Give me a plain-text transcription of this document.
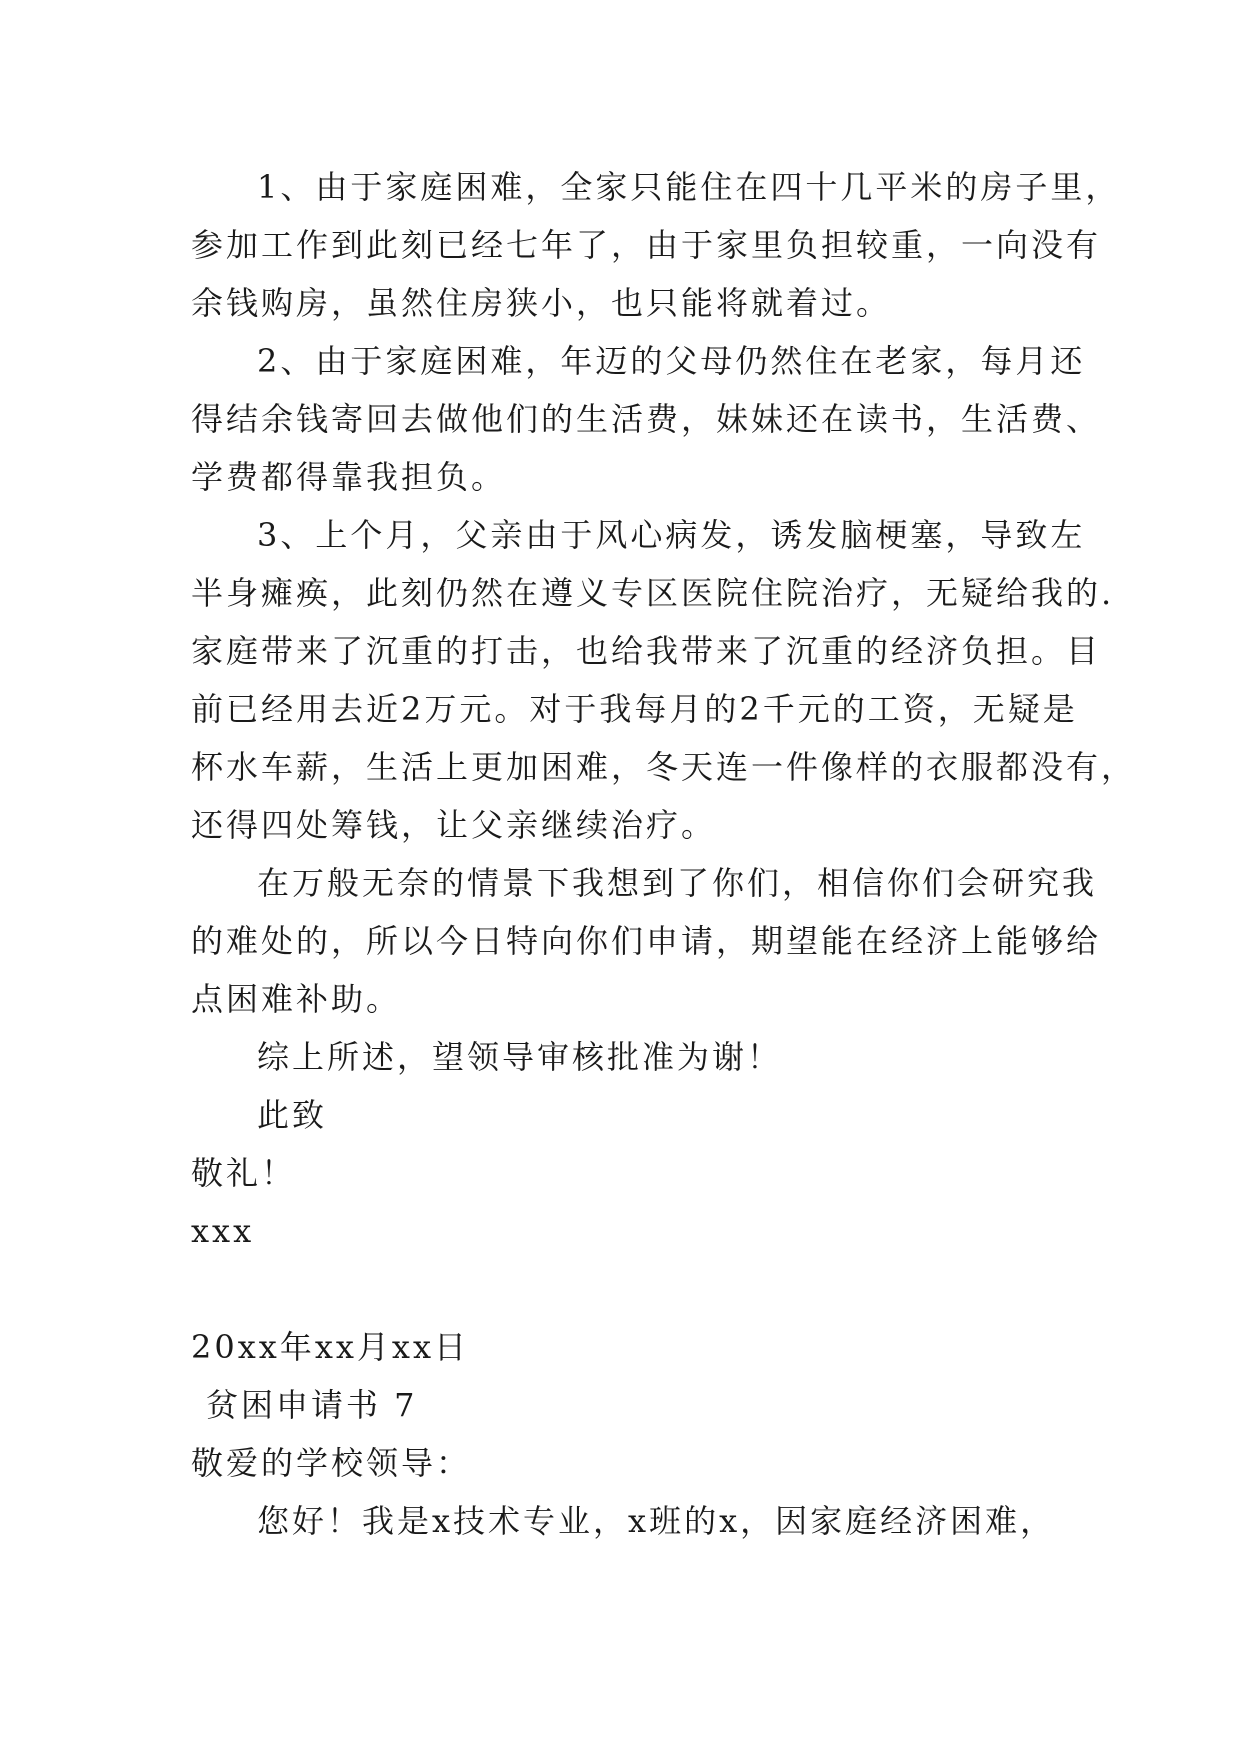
1、由于家庭困难，全家只能住在四十几平米的房子里，

参加工作到此刻已经七年了，由于家里负担较重，一向没有

余钱购房，虽然住房狭小，也只能将就着过。

2、由于家庭困难，年迈的父母仍然住在老家，每月还

得结余钱寄回去做他们的生活费，妹妹还在读书，生活费、

学费都得靠我担负。

3、上个月，父亲由于风心病发，诱发脑梗塞，导致左

半身瘫痪，此刻仍然在遵义专区医院住院治疗，无疑给我的.

家庭带来了沉重的打击，也给我带来了沉重的经济负担。目

前已经用去近2万元。对于我每月的2千元的工资，无疑是

杯水车薪，生活上更加困难，冬天连一件像样的衣服都没有，

还得四处筹钱，让父亲继续治疗。

在万般无奈的情景下我想到了你们，相信你们会研究我

的难处的，所以今日特向你们申请，期望能在经济上能够给

点困难补助。

综上所述，望领导审核批准为谢！

此致

敬礼！

xxx

20xx年xx月xx日

贫困申请书 7

敬爱的学校领导：

您好！我是x技术专业，x班的x，因家庭经济困难，
